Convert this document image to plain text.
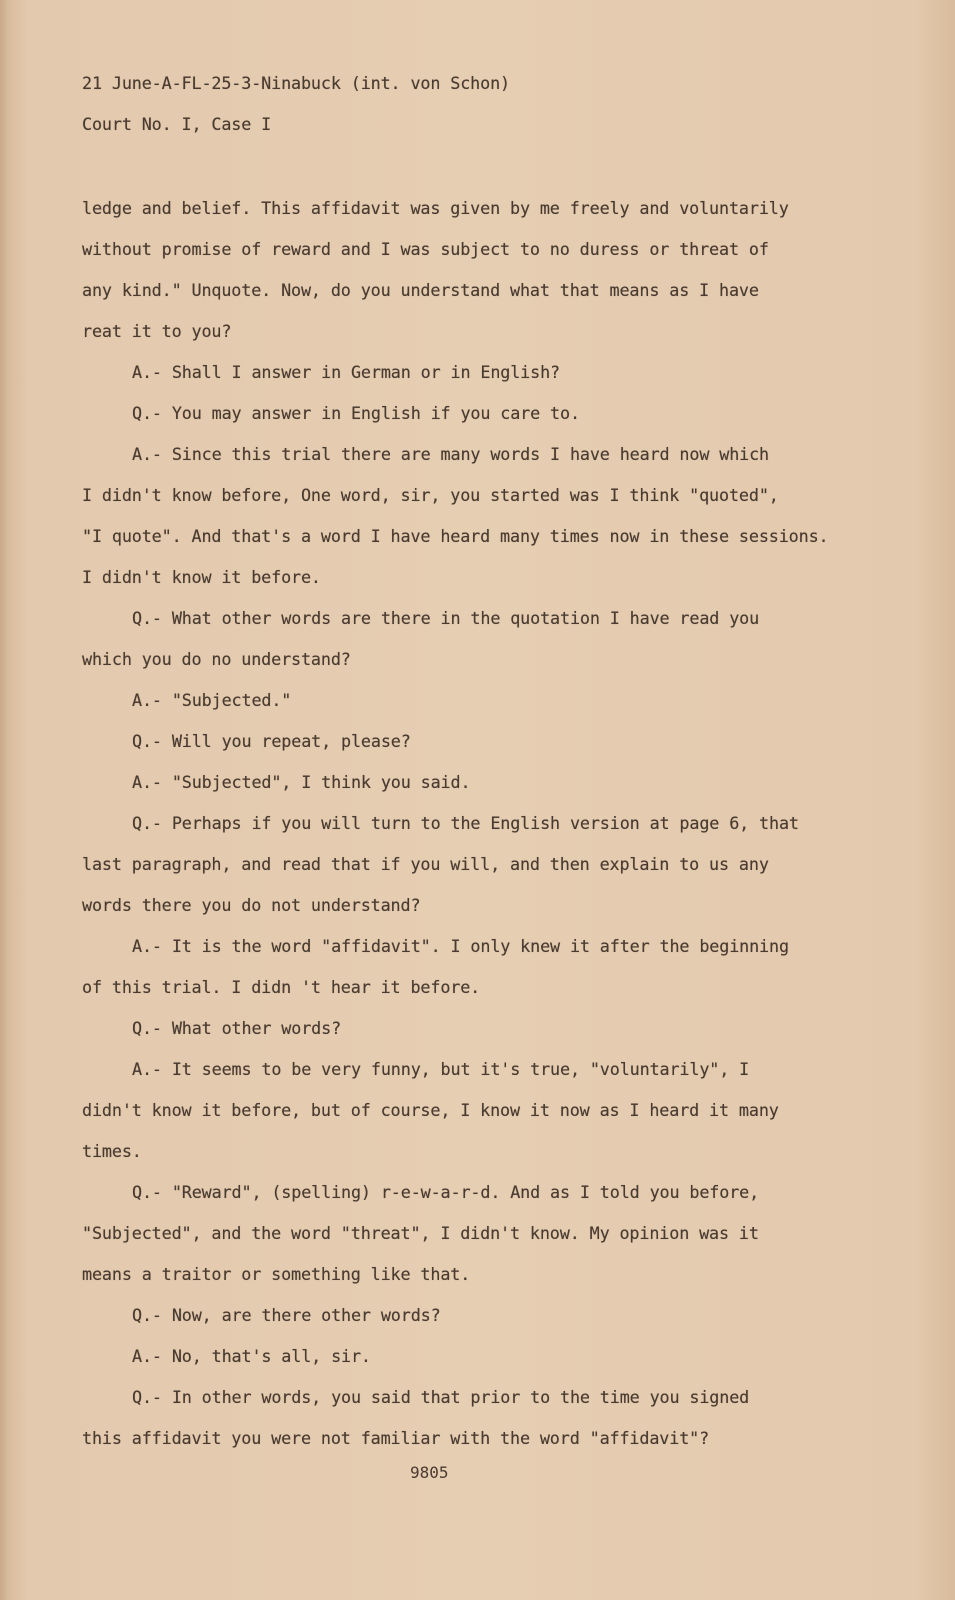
21 June-A-FL-25-3-Ninabuck (int. von Schon)
Court No. I, Case I
ledge and belief. This affidavit was given by me freely and voluntarily
without promise of reward and I was subject to no duress or threat of
any kind." Unquote. Now, do you understand what that means as I have
reat it to you?
A.- Shall I answer in German or in English?
Q.- You may answer in English if you care to.
A.- Since this trial there are many words I have heard now which
I didn't know before, One word, sir, you started was I think "quoted",
"I quote". And that's a word I have heard many times now in these sessions.
I didn't know it before.
Q.- What other words are there in the quotation I have read you
which you do no understand?
A.- "Subjected."
Q.- Will you repeat, please?
A.- "Subjected", I think you said.
Q.- Perhaps if you will turn to the English version at page 6, that
last paragraph, and read that if you will, and then explain to us any
words there you do not understand?
A.- It is the word "affidavit". I only knew it after the beginning
of this trial. I didn 't hear it before.
Q.- What other words?
A.- It seems to be very funny, but it's true, "voluntarily", I
didn't know it before, but of course, I know it now as I heard it many
times.
Q.- "Reward", (spelling) r-e-w-a-r-d. And as I told you before,
"Subjected", and the word "threat", I didn't know. My opinion was it
means a traitor or something like that.
Q.- Now, are there other words?
A.- No, that's all, sir.
Q.- In other words, you said that prior to the time you signed
this affidavit you were not familiar with the word "affidavit"?
9805
